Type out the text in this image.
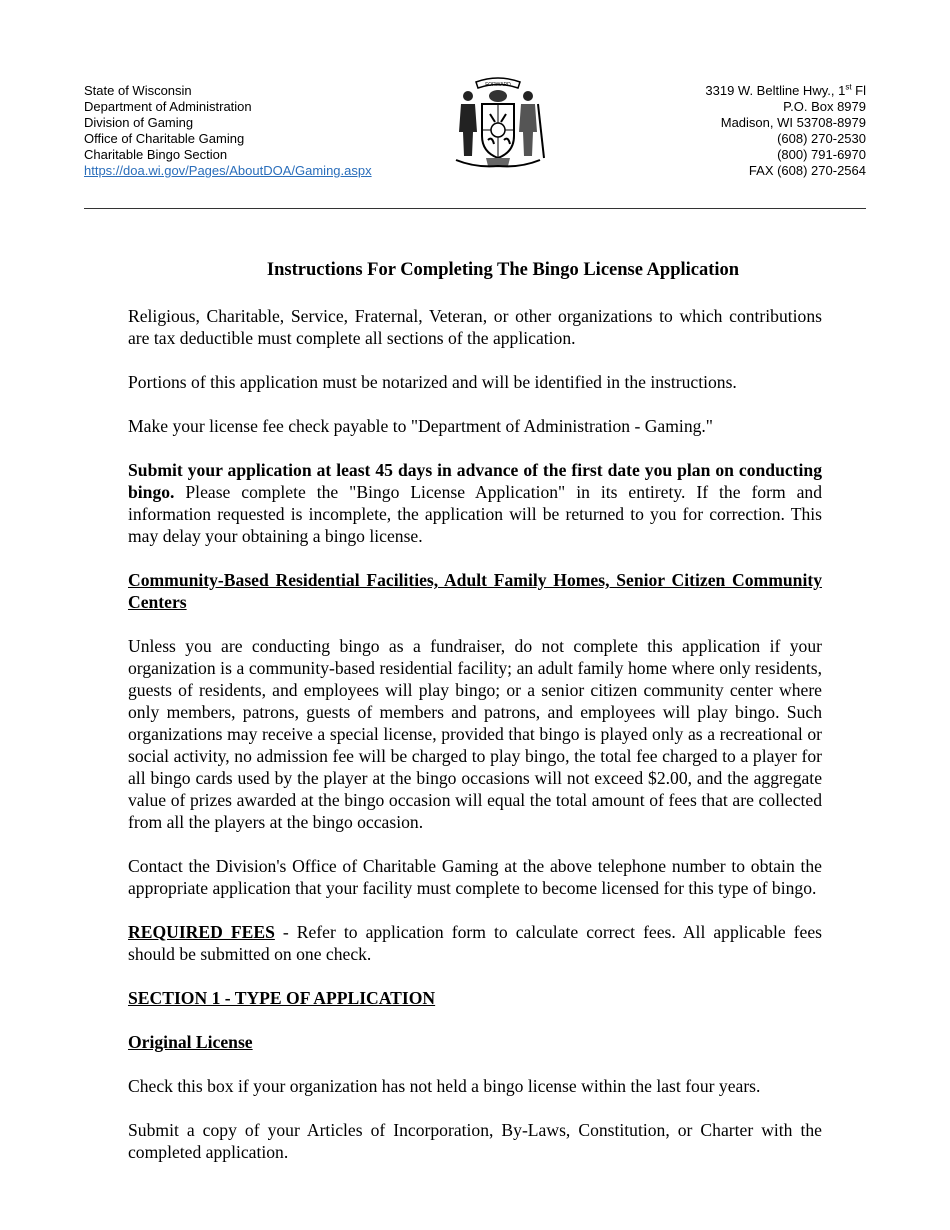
State of Wisconsin
Department of Administration
Division of Gaming
Office of Charitable Gaming
Charitable Bingo Section
https://doa.wi.gov/Pages/AboutDOA/Gaming.aspx
FORWARD	3319 W. Beltline Hwy., 1st Fl
P.O. Box 8979
Madison, WI 53708-8979
(608) 270-2530
(800) 791-6970
FAX (608) 270-2564
Instructions For Completing The Bingo License Application

Religious, Charitable, Service, Fraternal, Veteran, or other organizations to which contributions are tax deductible must complete all sections of the application.

Portions of this application must be notarized and will be identified in the instructions.

Make your license fee check payable to "Department of Administration - Gaming."

Submit your application at least 45 days in advance of the first date you plan on conducting bingo. Please complete the "Bingo License Application" in its entirety. If the form and information requested is incomplete, the application will be returned to you for correction. This may delay your obtaining a bingo license.

Community-Based Residential Facilities, Adult Family Homes, Senior Citizen Community Centers

Unless you are conducting bingo as a fundraiser, do not complete this application if your organization is a community-based residential facility; an adult family home where only residents, guests of residents, and employees will play bingo; or a senior citizen community center where only members, patrons, guests of members and patrons, and employees will play bingo. Such organizations may receive a special license, provided that bingo is played only as a recreational or social activity, no admission fee will be charged to play bingo, the total fee charged to a player for all bingo cards used by the player at the bingo occasions will not exceed $2.00, and the aggregate value of prizes awarded at the bingo occasion will equal the total amount of fees that are collected from all the players at the bingo occasion.

Contact the Division's Office of Charitable Gaming at the above telephone number to obtain the appropriate application that your facility must complete to become licensed for this type of bingo.

REQUIRED FEES - Refer to application form to calculate correct fees. All applicable fees should be submitted on one check.

SECTION 1 - TYPE OF APPLICATION

Original License

Check this box if your organization has not held a bingo license within the last four years.

Submit a copy of your Articles of Incorporation, By-Laws, Constitution, or Charter with the completed application.
